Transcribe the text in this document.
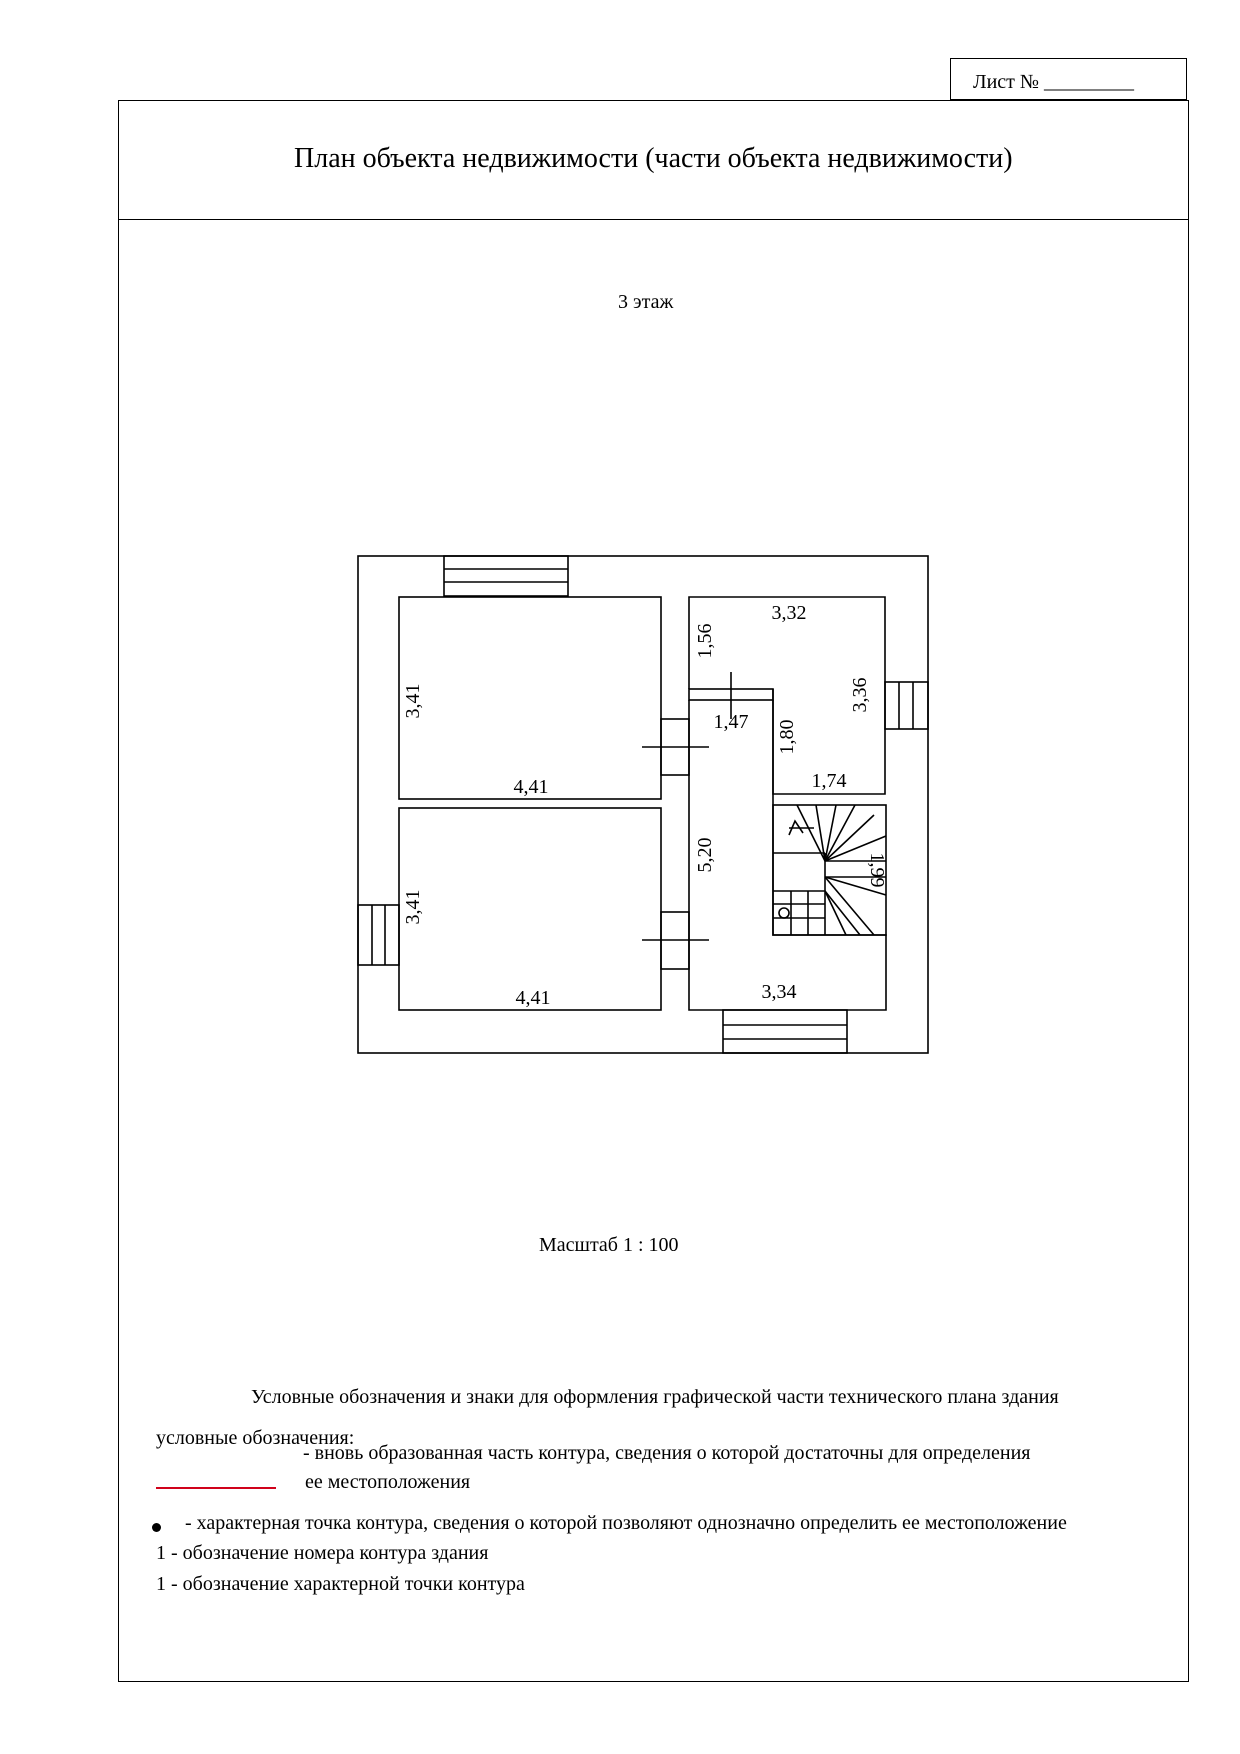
Лист № _________
План объекта недвижимости (части объекта недвижимости)
3 этаж
3,41
4,41
3,41
4,41
3,32
1,56
3,36
1,47 1,80
1,74
5,20	1,99
3,34
Масштаб 1 : 100
Условные обозначения и знаки для оформления графической части технического плана здания
условные обозначения:
- вновь образованная часть контура, сведения о которой достаточны для определения
ее местоположения
- характерная точка контура, сведения о которой позволяют однозначно определить ее местоположение
1 - обозначение номера контура здания
1 - обозначение характерной точки контура
